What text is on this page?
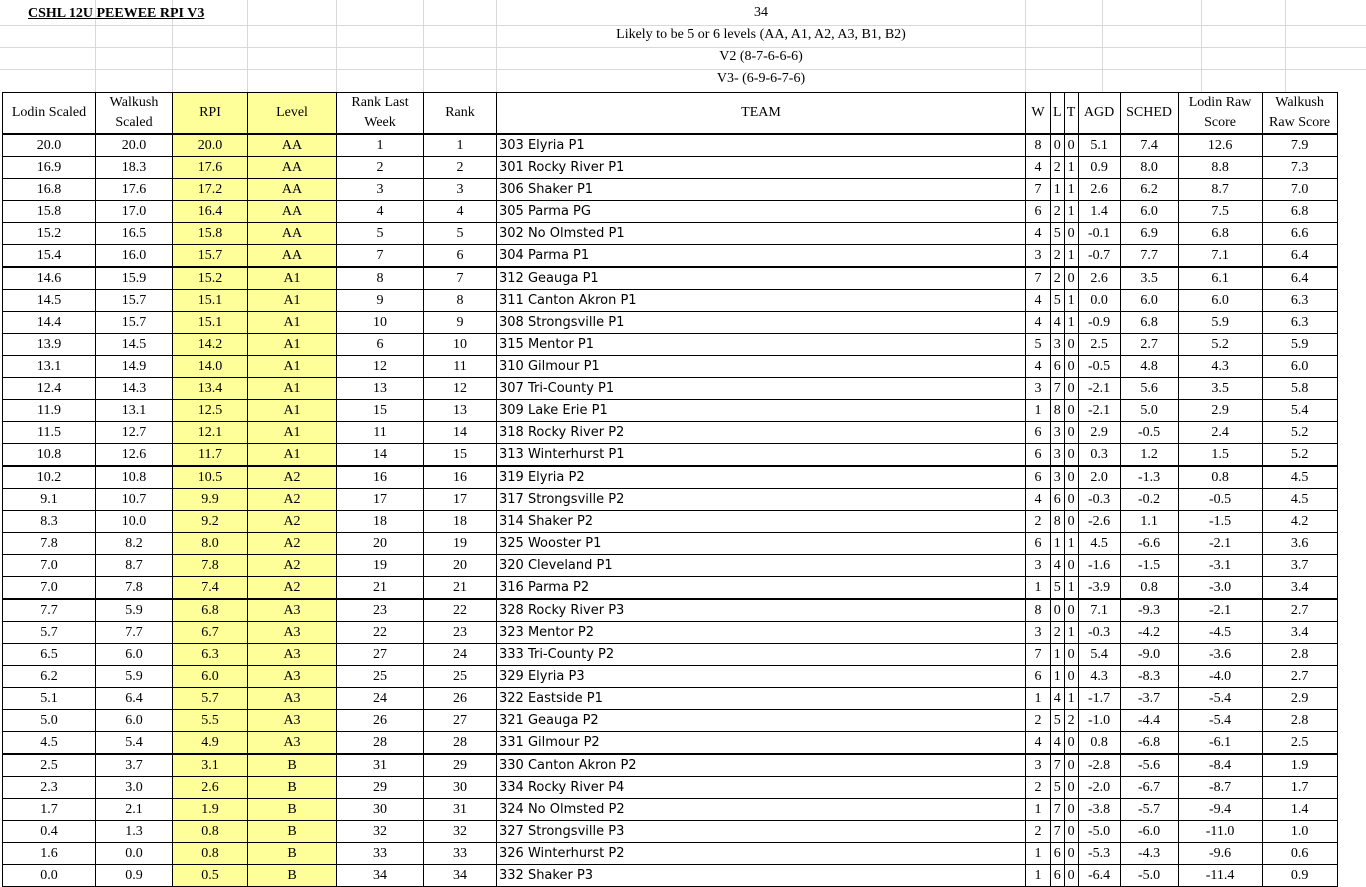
CSHL 12U PEEWEE RPI V3	34
Likely to be 5 or 6 levels (AA, A1, A2, A3, B1, B2)
V2 (8-7-6-6-6)
V3- (6-9-6-7-6)
Lodin Scaled	Walkush Scaled	RPI	Level	Rank Last Week	Rank	TEAM	W	L	T	AGD	SCHED	Lodin Raw Score	Walkush Raw Score
20.0	20.0	20.0	AA	1	1	303 Elyria P1	8	0	0	5.1	7.4	12.6	7.9
16.9	18.3	17.6	AA	2	2	301 Rocky River P1	4	2	1	0.9	8.0	8.8	7.3
16.8	17.6	17.2	AA	3	3	306 Shaker P1	7	1	1	2.6	6.2	8.7	7.0
15.8	17.0	16.4	AA	4	4	305 Parma PG	6	2	1	1.4	6.0	7.5	6.8
15.2	16.5	15.8	AA	5	5	302 No Olmsted P1	4	5	0	-0.1	6.9	6.8	6.6
15.4	16.0	15.7	AA	7	6	304 Parma P1	3	2	1	-0.7	7.7	7.1	6.4
14.6	15.9	15.2	A1	8	7	312 Geauga P1	7	2	0	2.6	3.5	6.1	6.4
14.5	15.7	15.1	A1	9	8	311 Canton Akron P1	4	5	1	0.0	6.0	6.0	6.3
14.4	15.7	15.1	A1	10	9	308 Strongsville P1	4	4	1	-0.9	6.8	5.9	6.3
13.9	14.5	14.2	A1	6	10	315 Mentor P1	5	3	0	2.5	2.7	5.2	5.9
13.1	14.9	14.0	A1	12	11	310 Gilmour P1	4	6	0	-0.5	4.8	4.3	6.0
12.4	14.3	13.4	A1	13	12	307 Tri-County P1	3	7	0	-2.1	5.6	3.5	5.8
11.9	13.1	12.5	A1	15	13	309 Lake Erie P1	1	8	0	-2.1	5.0	2.9	5.4
11.5	12.7	12.1	A1	11	14	318 Rocky River P2	6	3	0	2.9	-0.5	2.4	5.2
10.8	12.6	11.7	A1	14	15	313 Winterhurst P1	6	3	0	0.3	1.2	1.5	5.2
10.2	10.8	10.5	A2	16	16	319 Elyria P2	6	3	0	2.0	-1.3	0.8	4.5
9.1	10.7	9.9	A2	17	17	317 Strongsville P2	4	6	0	-0.3	-0.2	-0.5	4.5
8.3	10.0	9.2	A2	18	18	314 Shaker P2	2	8	0	-2.6	1.1	-1.5	4.2
7.8	8.2	8.0	A2	20	19	325 Wooster P1	6	1	1	4.5	-6.6	-2.1	3.6
7.0	8.7	7.8	A2	19	20	320 Cleveland P1	3	4	0	-1.6	-1.5	-3.1	3.7
7.0	7.8	7.4	A2	21	21	316 Parma P2	1	5	1	-3.9	0.8	-3.0	3.4
7.7	5.9	6.8	A3	23	22	328 Rocky River P3	8	0	0	7.1	-9.3	-2.1	2.7
5.7	7.7	6.7	A3	22	23	323 Mentor P2	3	2	1	-0.3	-4.2	-4.5	3.4
6.5	6.0	6.3	A3	27	24	333 Tri-County P2	7	1	0	5.4	-9.0	-3.6	2.8
6.2	5.9	6.0	A3	25	25	329 Elyria P3	6	1	0	4.3	-8.3	-4.0	2.7
5.1	6.4	5.7	A3	24	26	322 Eastside P1	1	4	1	-1.7	-3.7	-5.4	2.9
5.0	6.0	5.5	A3	26	27	321 Geauga P2	2	5	2	-1.0	-4.4	-5.4	2.8
4.5	5.4	4.9	A3	28	28	331 Gilmour P2	4	4	0	0.8	-6.8	-6.1	2.5
2.5	3.7	3.1	B	31	29	330 Canton Akron P2	3	7	0	-2.8	-5.6	-8.4	1.9
2.3	3.0	2.6	B	29	30	334 Rocky River P4	2	5	0	-2.0	-6.7	-8.7	1.7
1.7	2.1	1.9	B	30	31	324 No Olmsted P2	1	7	0	-3.8	-5.7	-9.4	1.4
0.4	1.3	0.8	B	32	32	327 Strongsville P3	2	7	0	-5.0	-6.0	-11.0	1.0
1.6	0.0	0.8	B	33	33	326 Winterhurst P2	1	6	0	-5.3	-4.3	-9.6	0.6
0.0	0.9	0.5	B	34	34	332 Shaker P3	1	6	0	-6.4	-5.0	-11.4	0.9
